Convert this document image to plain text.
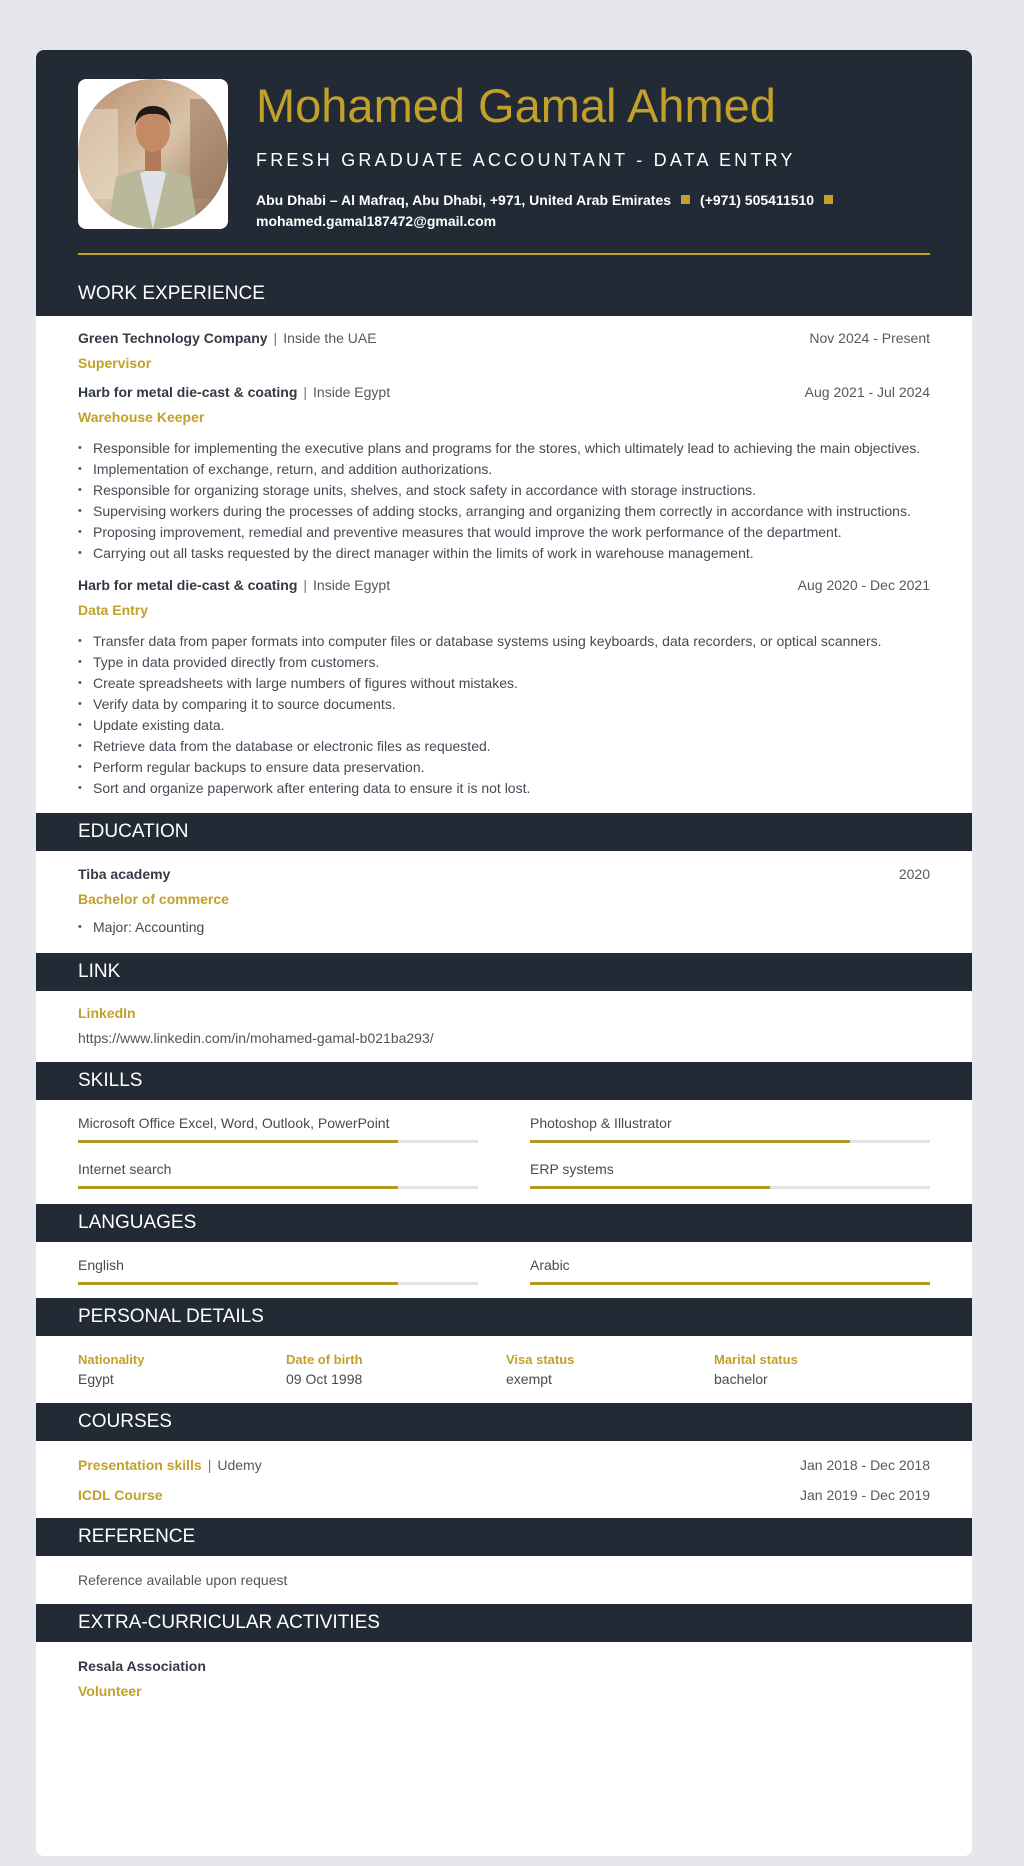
Mohamed Gamal Ahmed
FRESH GRADUATE ACCOUNTANT - DATA ENTRY
Abu Dhabi – Al Mafraq, Abu Dhabi, +971, United Arab Emirates (+971) 505411510
mohamed.gamal187472@gmail.com
WORK EXPERIENCE
Green Technology Company | Inside the UAE	Nov 2024 - Present
Supervisor
Harb for metal die-cast & coating | Inside Egypt	Aug 2021 - Jul 2024
Warehouse Keeper
• Responsible for implementing the executive plans and programs for the stores, which ultimately lead to achieving the main objectives.
• Implementation of exchange, return, and addition authorizations.
• Responsible for organizing storage units, shelves, and stock safety in accordance with storage instructions.
• Supervising workers during the processes of adding stocks, arranging and organizing them correctly in accordance with instructions.
• Proposing improvement, remedial and preventive measures that would improve the work performance of the department.
• Carrying out all tasks requested by the direct manager within the limits of work in warehouse management.
Harb for metal die-cast & coating | Inside Egypt	Aug 2020 - Dec 2021
Data Entry
• Transfer data from paper formats into computer files or database systems using keyboards, data recorders, or optical scanners.
• Type in data provided directly from customers.
• Create spreadsheets with large numbers of figures without mistakes.
• Verify data by comparing it to source documents.
• Update existing data.
• Retrieve data from the database or electronic files as requested.
• Perform regular backups to ensure data preservation.
• Sort and organize paperwork after entering data to ensure it is not lost.
EDUCATION
Tiba academy	2020
Bachelor of commerce
• Major: Accounting
LINK
LinkedIn
https://www.linkedin.com/in/mohamed-gamal-b021ba293/
SKILLS
Microsoft Office Excel, Word, Outlook, PowerPoint	Photoshop & Illustrator
Internet search	ERP systems
LANGUAGES
English	Arabic
PERSONAL DETAILS
Nationality
Egypt
Date of birth
09 Oct 1998
Visa status
exempt
Marital status
bachelor
COURSES
Presentation skills | Udemy	Jan 2018 - Dec 2018
ICDL Course	Jan 2019 - Dec 2019
REFERENCE
Reference available upon request
EXTRA-CURRICULAR ACTIVITIES
Resala Association
Volunteer
